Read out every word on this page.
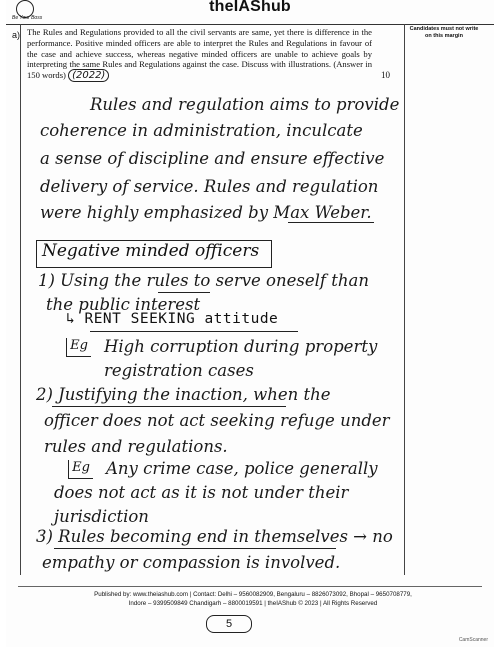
theIAShub
Be Your Boss
a)
Candidates must not write on this margin
The Rules and Regulations provided to all the civil servants are same, yet there is difference in the performance. Positive minded officers are able to interpret the Rules and Regulations in favour of the case and achieve success, whereas negative minded officers are unable to achieve goals by interpreting the same Rules and Regulations against the case. Discuss with illustrations. (Answer in 150 words) (2022)	10
Rules and regulation aims to provide
coherence in administration, inculcate
a sense of discipline and ensure effective
delivery of service. Rules and regulation
were highly emphasized by Max Weber.
Negative minded officers
1) Using the rules to serve oneself than
the public interest
↳ RENT SEEKING attitude
Eg High corruption during property
registration cases
2) Justifying the inaction, when the
officer does not act seeking refuge under
rules and regulations.
Eg Any crime case, police generally
does not act as it is not under their
jurisdiction
3) Rules becoming end in themselves → no
empathy or compassion is involved.
Published by: www.theiashub.com | Contact: Delhi – 9560082909, Bengaluru – 8826073092, Bhopal – 9650708779,
Indore – 9399509849 Chandigarh – 8800019591 | theIAShub © 2023 | All Rights Reserved
5
CamScanner
